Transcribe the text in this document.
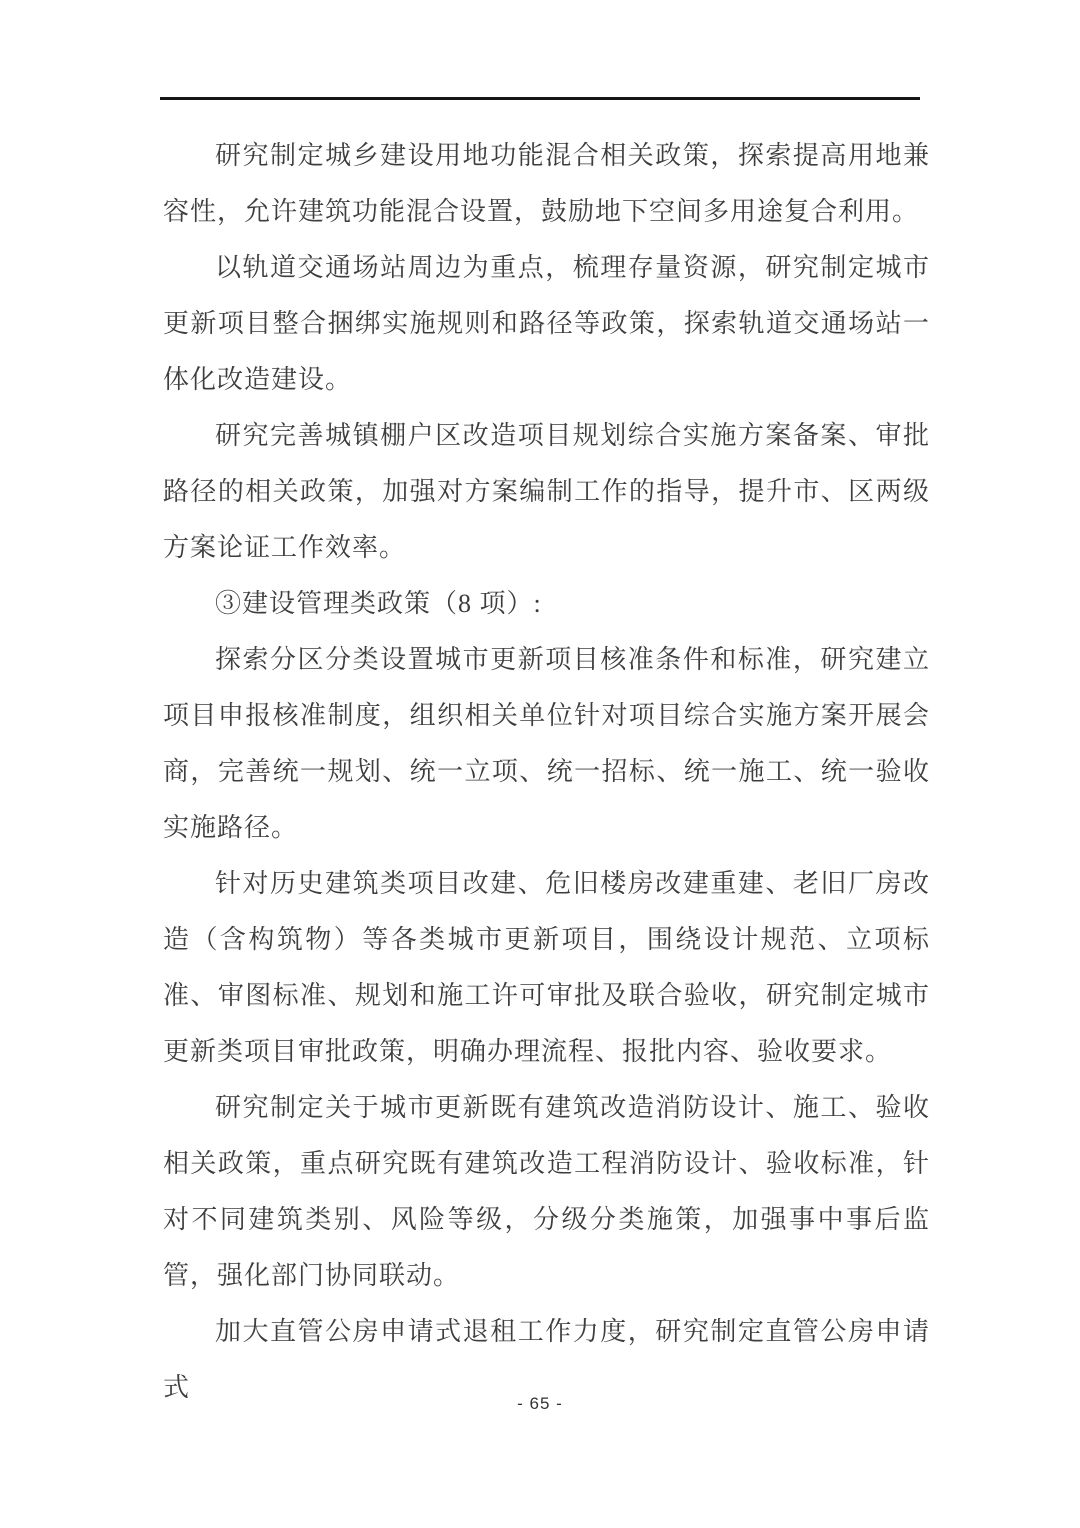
研究制定城乡建设用地功能混合相关政策，探索提高用地兼容性，允许建筑功能混合设置，鼓励地下空间多用途复合利用。

以轨道交通场站周边为重点，梳理存量资源，研究制定城市更新项目整合捆绑实施规则和路径等政策，探索轨道交通场站一体化改造建设。

研究完善城镇棚户区改造项目规划综合实施方案备案、审批路径的相关政策，加强对方案编制工作的指导，提升市、区两级方案论证工作效率。

③建设管理类政策（8 项）:

探索分区分类设置城市更新项目核准条件和标准，研究建立项目申报核准制度，组织相关单位针对项目综合实施方案开展会商，完善统一规划、统一立项、统一招标、统一施工、统一验收实施路径。

针对历史建筑类项目改建、危旧楼房改建重建、老旧厂房改造（含构筑物）等各类城市更新项目，围绕设计规范、立项标准、审图标准、规划和施工许可审批及联合验收，研究制定城市更新类项目审批政策，明确办理流程、报批内容、验收要求。

研究制定关于城市更新既有建筑改造消防设计、施工、验收相关政策，重点研究既有建筑改造工程消防设计、验收标准，针对不同建筑类别、风险等级，分级分类施策，加强事中事后监管，强化部门协同联动。

加大直管公房申请式退租工作力度，研究制定直管公房申请式

- 65 -
